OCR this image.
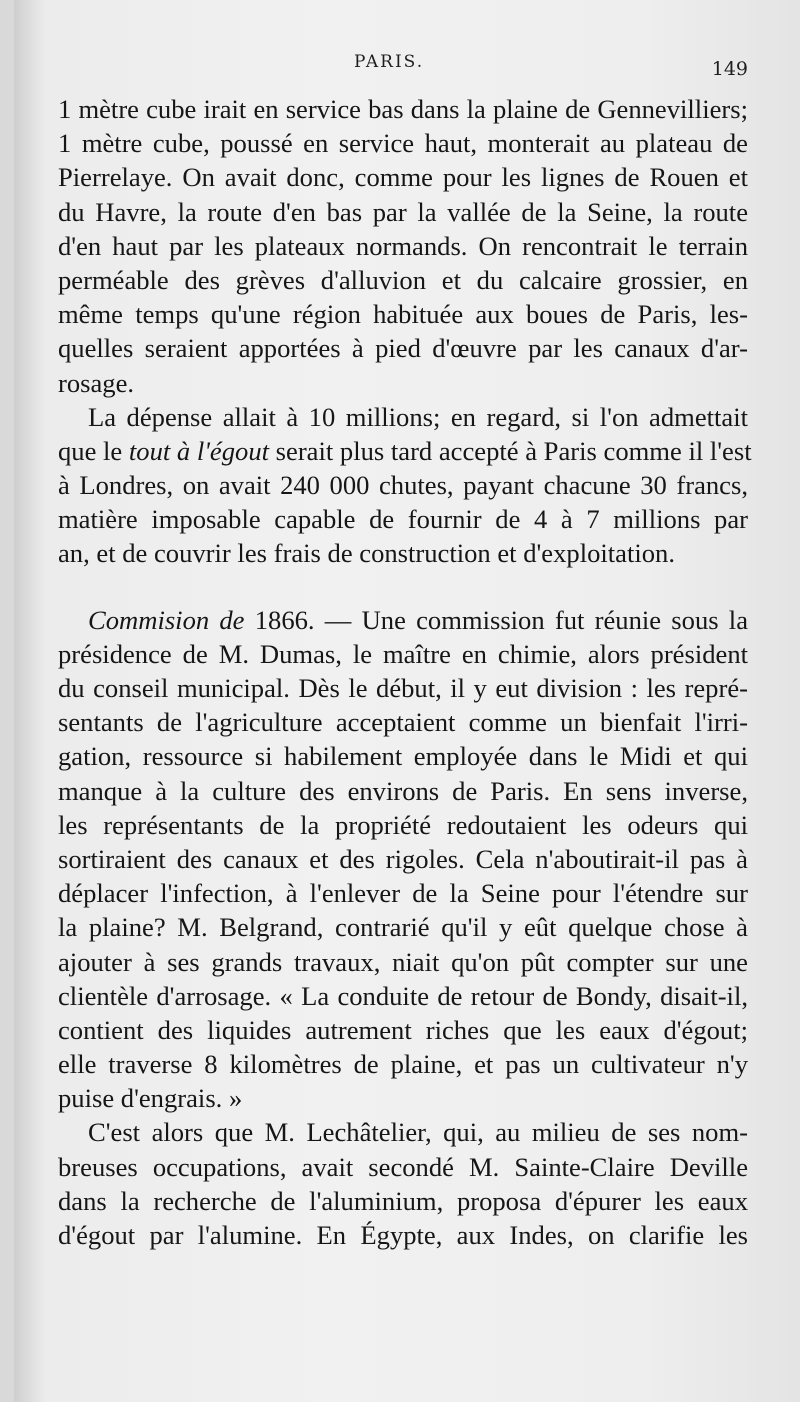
PARIS.	149
1 mètre cube irait en service bas dans la plaine de Gennevilliers;
1 mètre cube, poussé en service haut, monterait au plateau de
Pierrelaye. On avait donc, comme pour les lignes de Rouen et
du Havre, la route d'en bas par la vallée de la Seine, la route
d'en haut par les plateaux normands. On rencontrait le terrain
perméable des grèves d'alluvion et du calcaire grossier, en
même temps qu'une région habituée aux boues de Paris, les-
quelles seraient apportées à pied d'œuvre par les canaux d'ar-
rosage.
La dépense allait à 10 millions; en regard, si l'on admettait
que le tout à l'égout serait plus tard accepté à Paris comme il l'est
à Londres, on avait 240 000 chutes, payant chacune 30 francs,
matière imposable capable de fournir de 4 à 7 millions par
an, et de couvrir les frais de construction et d'exploitation.
Commision de 1866. — Une commission fut réunie sous la
présidence de M. Dumas, le maître en chimie, alors président
du conseil municipal. Dès le début, il y eut division : les repré-
sentants de l'agriculture acceptaient comme un bienfait l'irri-
gation, ressource si habilement employée dans le Midi et qui
manque à la culture des environs de Paris. En sens inverse,
les représentants de la propriété redoutaient les odeurs qui
sortiraient des canaux et des rigoles. Cela n'aboutirait-il pas à
déplacer l'infection, à l'enlever de la Seine pour l'étendre sur
la plaine? M. Belgrand, contrarié qu'il y eût quelque chose à
ajouter à ses grands travaux, niait qu'on pût compter sur une
clientèle d'arrosage. « La conduite de retour de Bondy, disait-il,
contient des liquides autrement riches que les eaux d'égout;
elle traverse 8 kilomètres de plaine, et pas un cultivateur n'y
puise d'engrais. »
C'est alors que M. Lechâtelier, qui, au milieu de ses nom-
breuses occupations, avait secondé M. Sainte-Claire Deville
dans la recherche de l'aluminium, proposa d'épurer les eaux
d'égout par l'alumine. En Égypte, aux Indes, on clarifie les
